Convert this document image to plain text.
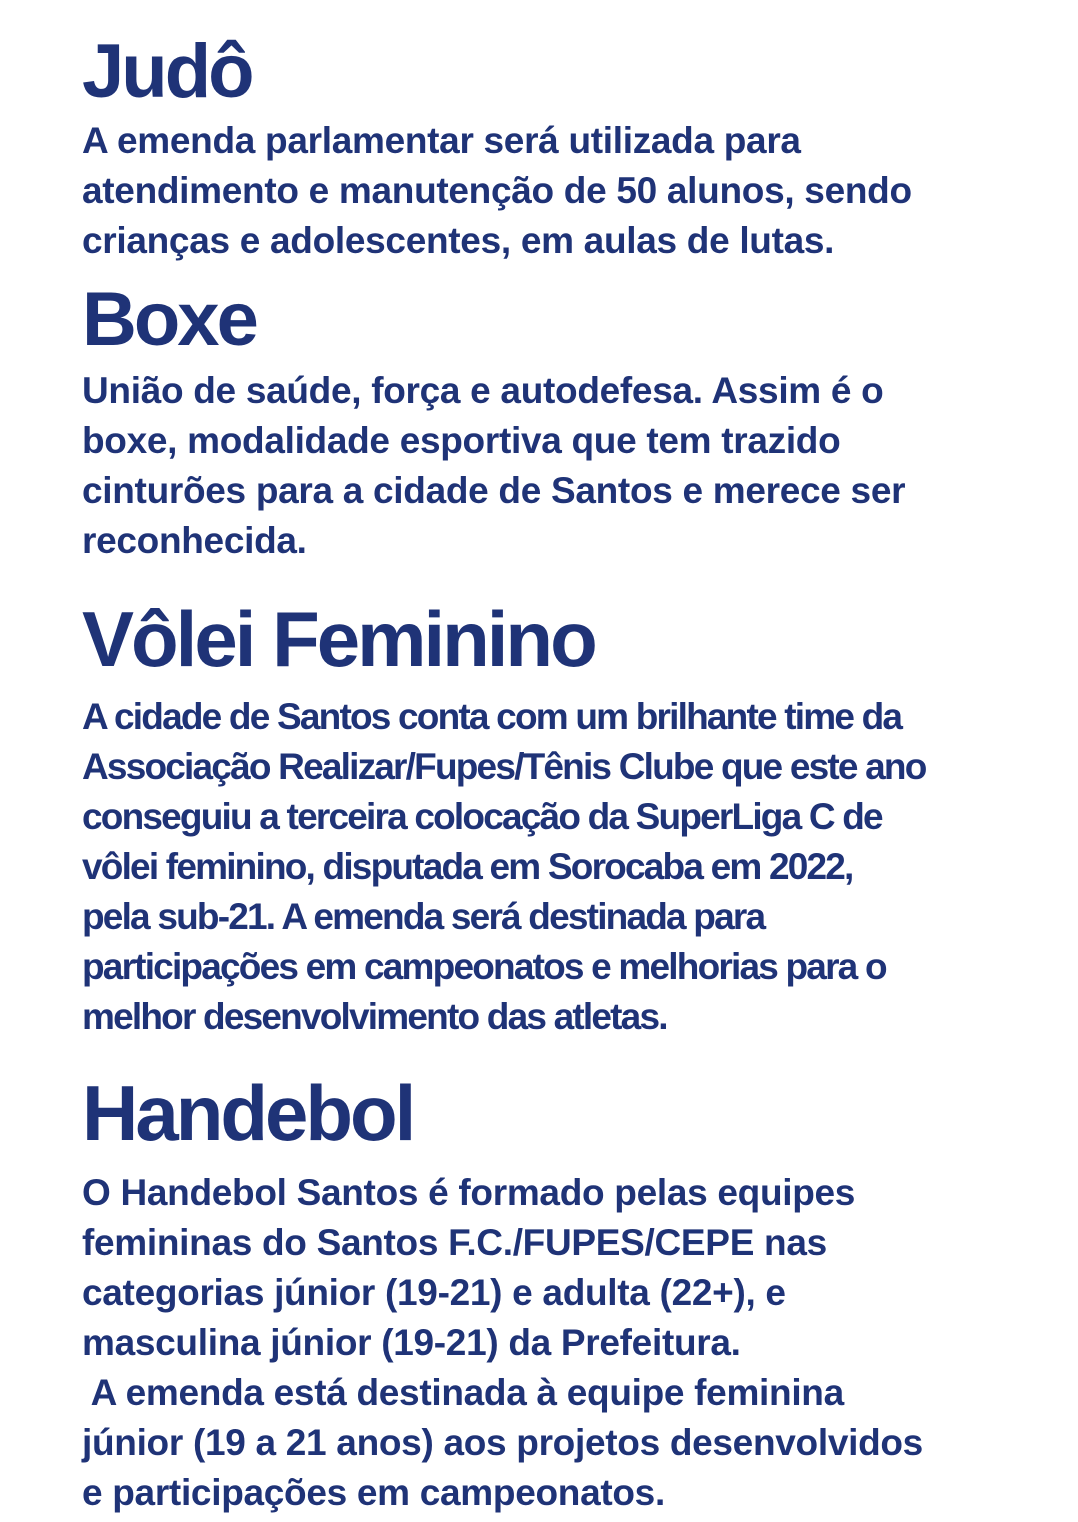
Judô

A emenda parlamentar será utilizada para
atendimento e manutenção de 50 alunos, sendo
crianças e adolescentes, em aulas de lutas.

Boxe

União de saúde, força e autodefesa. Assim é o
boxe, modalidade esportiva que tem trazido
cinturões para a cidade de Santos e merece ser
reconhecida.

Vôlei Feminino

A cidade de Santos conta com um brilhante time da
Associação Realizar/Fupes/Tênis Clube que este ano
conseguiu a terceira colocação da SuperLiga C de
vôlei feminino, disputada em Sorocaba em 2022,
pela sub-21. A emenda será destinada para
participações em campeonatos e melhorias para o
melhor desenvolvimento das atletas.

Handebol

O Handebol Santos é formado pelas equipes
femininas do Santos F.C./FUPES/CEPE nas
categorias júnior (19-21) e adulta (22+), e
masculina júnior (19-21) da Prefeitura.
A emenda está destinada à equipe feminina
júnior (19 a 21 anos) aos projetos desenvolvidos
e participações em campeonatos.
